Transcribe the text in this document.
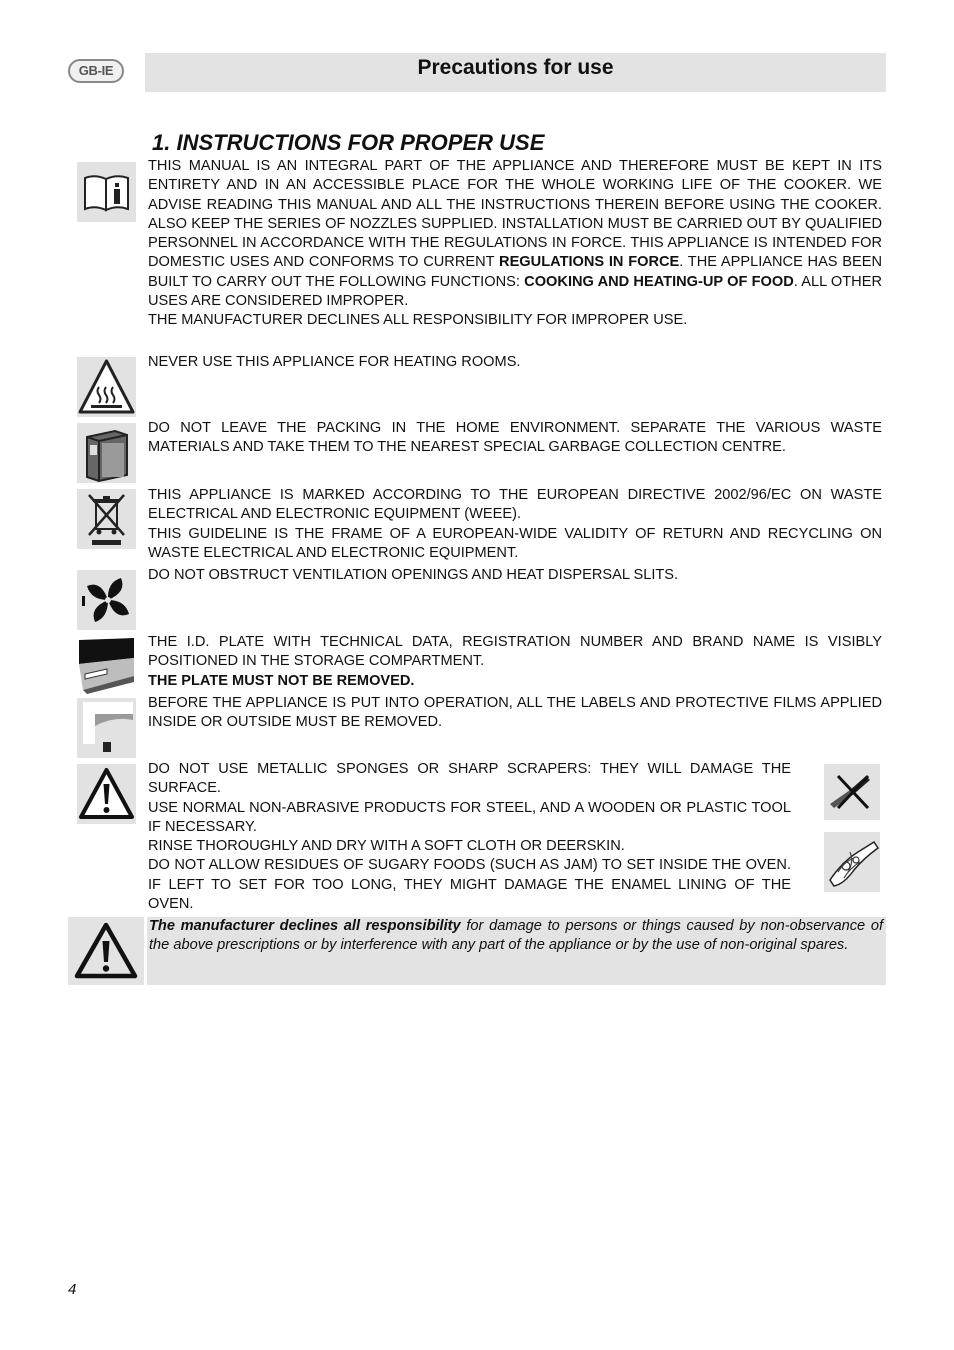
GB-IE	Precautions for use
1. INSTRUCTIONS FOR PROPER USE

THIS MANUAL IS AN INTEGRAL PART OF THE APPLIANCE AND THEREFORE MUST BE KEPT IN ITS ENTIRETY AND IN AN ACCESSIBLE PLACE FOR THE WHOLE WORKING LIFE OF THE COOKER. WE ADVISE READING THIS MANUAL AND ALL THE INSTRUCTIONS THEREIN BEFORE USING THE COOKER. ALSO KEEP THE SERIES OF NOZZLES SUPPLIED. INSTALLATION MUST BE CARRIED OUT BY QUALIFIED PERSONNEL IN ACCORDANCE WITH THE REGULATIONS IN FORCE. THIS APPLIANCE IS INTENDED FOR DOMESTIC USES AND CONFORMS TO CURRENT REGULATIONS IN FORCE. THE APPLIANCE HAS BEEN BUILT TO CARRY OUT THE FOLLOWING FUNCTIONS: COOKING AND HEATING-UP OF FOOD. ALL OTHER USES ARE CONSIDERED IMPROPER.

THE MANUFACTURER DECLINES ALL RESPONSIBILITY FOR IMPROPER USE.

NEVER USE THIS APPLIANCE FOR HEATING ROOMS.

DO NOT LEAVE THE PACKING IN THE HOME ENVIRONMENT. SEPARATE THE VARIOUS WASTE MATERIALS AND TAKE THEM TO THE NEAREST SPECIAL GARBAGE COLLECTION CENTRE.

THIS APPLIANCE IS MARKED ACCORDING TO THE EUROPEAN DIRECTIVE 2002/96/EC ON WASTE ELECTRICAL AND ELECTRONIC EQUIPMENT (WEEE).

THIS GUIDELINE IS THE FRAME OF A EUROPEAN-WIDE VALIDITY OF RETURN AND RECYCLING ON WASTE ELECTRICAL AND ELECTRONIC EQUIPMENT.

DO NOT OBSTRUCT VENTILATION OPENINGS AND HEAT DISPERSAL SLITS.

THE I.D. PLATE WITH TECHNICAL DATA, REGISTRATION NUMBER AND BRAND NAME IS VISIBLY POSITIONED IN THE STORAGE COMPARTMENT.

THE PLATE MUST NOT BE REMOVED.

BEFORE THE APPLIANCE IS PUT INTO OPERATION, ALL THE LABELS AND PROTECTIVE FILMS APPLIED INSIDE OR OUTSIDE MUST BE REMOVED.

DO NOT USE METALLIC SPONGES OR SHARP SCRAPERS: THEY WILL DAMAGE THE SURFACE.

USE NORMAL NON-ABRASIVE PRODUCTS FOR STEEL, AND A WOODEN OR PLASTIC TOOL IF NECESSARY.

RINSE THOROUGHLY AND DRY WITH A SOFT CLOTH OR DEERSKIN.

DO NOT ALLOW RESIDUES OF SUGARY FOODS (SUCH AS JAM) TO SET INSIDE THE OVEN. IF LEFT TO SET FOR TOO LONG, THEY MIGHT DAMAGE THE ENAMEL LINING OF THE OVEN.

The manufacturer declines all responsibility for damage to persons or things caused by non-observance of the above prescriptions or by interference with any part of the appliance or by the use of non-original spares.

4
